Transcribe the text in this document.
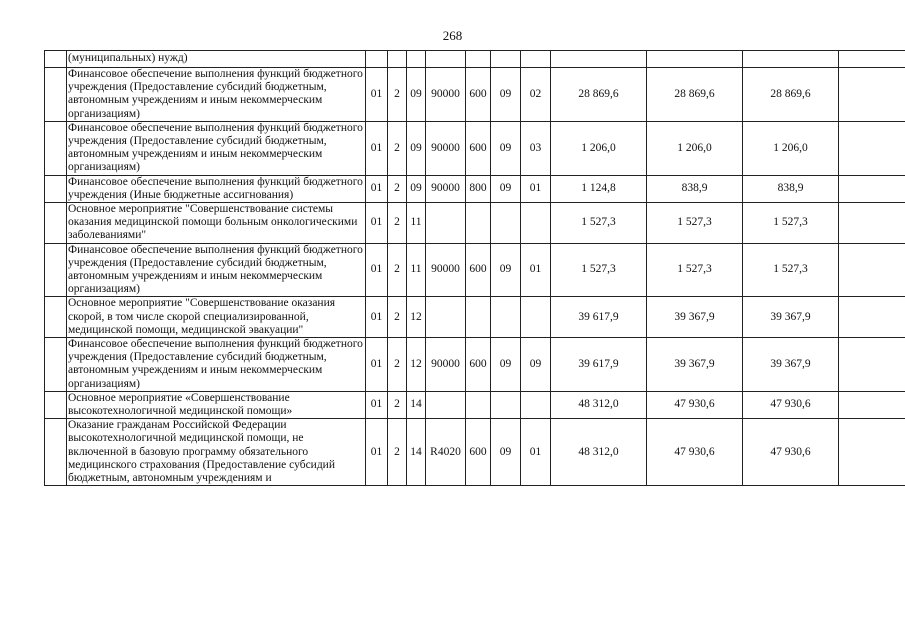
268
	(муниципальных) нужд)											
	Финансовое обеспечение выполнения функций бюджетного учреждения (Предоставление субсидий бюджетным, автономным учреждениям и иным некоммерческим организациям)	01	2	09	90000	600	09	02	28 869,6	28 869,6	28 869,6	
	Финансовое обеспечение выполнения функций бюджетного учреждения (Предоставление субсидий бюджетным, автономным учреждениям и иным некоммерческим организациям)	01	2	09	90000	600	09	03	1 206,0	1 206,0	1 206,0	
	Финансовое обеспечение выполнения функций бюджетного учреждения (Иные бюджетные ассигнования)	01	2	09	90000	800	09	01	1 124,8	838,9	838,9	
	Основное мероприятие "Совершенствование системы оказания медицинской помощи больным онкологическими заболеваниями"	01	2	11					1 527,3	1 527,3	1 527,3	
	Финансовое обеспечение выполнения функций бюджетного учреждения (Предоставление субсидий бюджетным, автономным учреждениям и иным некоммерческим организациям)	01	2	11	90000	600	09	01	1 527,3	1 527,3	1 527,3	
	Основное мероприятие "Совершенствование оказания скорой, в том числе скорой специализированной, медицинской помощи, медицинской эвакуации"	01	2	12					39 617,9	39 367,9	39 367,9	
	Финансовое обеспечение выполнения функций бюджетного учреждения (Предоставление субсидий бюджетным, автономным учреждениям и иным некоммерческим организациям)	01	2	12	90000	600	09	09	39 617,9	39 367,9	39 367,9	
	Основное мероприятие «Совершенствование высокотехнологичной медицинской помощи»	01	2	14					48 312,0	47 930,6	47 930,6	
	Оказание гражданам Российской Федерации высокотехнологичной медицинской помощи, не включенной в базовую программу обязательного медицинского страхования (Предоставление субсидий бюджетным, автономным учреждениям и	01	2	14	R4020	600	09	01	48 312,0	47 930,6	47 930,6	
